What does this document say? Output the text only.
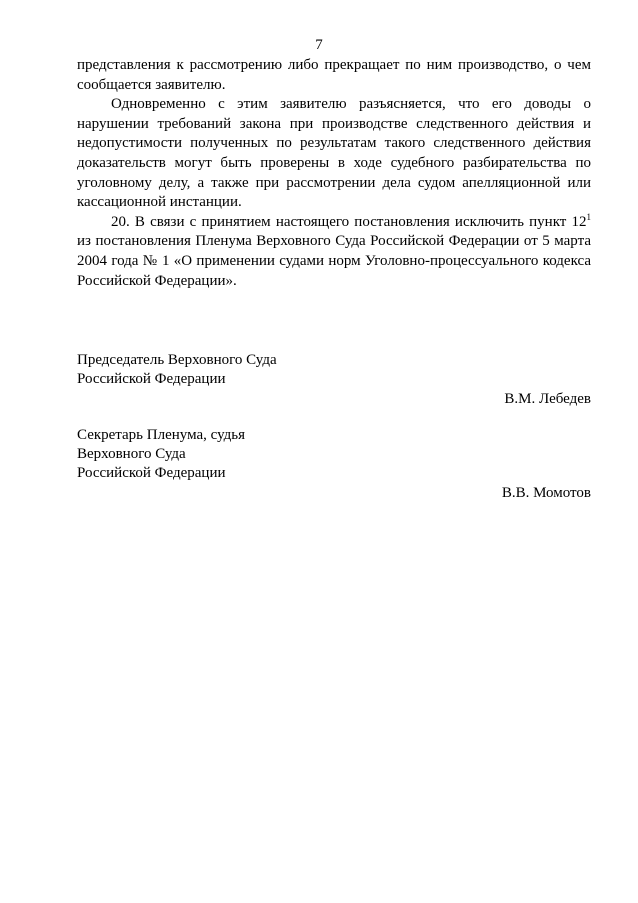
7

представления к рассмотрению либо прекращает по ним производство, о чем сообщается заявителю.

Одновременно с этим заявителю разъясняется, что его доводы о нарушении требований закона при производстве следственного действия и недопустимости полученных по результатам такого следственного действия доказательств могут быть проверены в ходе судебного разбирательства по уголовному делу, а также при рассмотрении дела судом апелляционной или кассационной инстанции.

20. В связи с принятием настоящего постановления исключить пункт $12^1$ из постановления Пленума Верховного Суда Российской Федерации от 5 марта 2004 года № 1 «О применении судами норм Уголовно-процессуального кодекса Российской Федерации».

Председатель Верховного Суда
Российской Федерации
В.М. Лебедев
Секретарь Пленума, судья
Верховного Суда
Российской Федерации
В.В. Момотов
